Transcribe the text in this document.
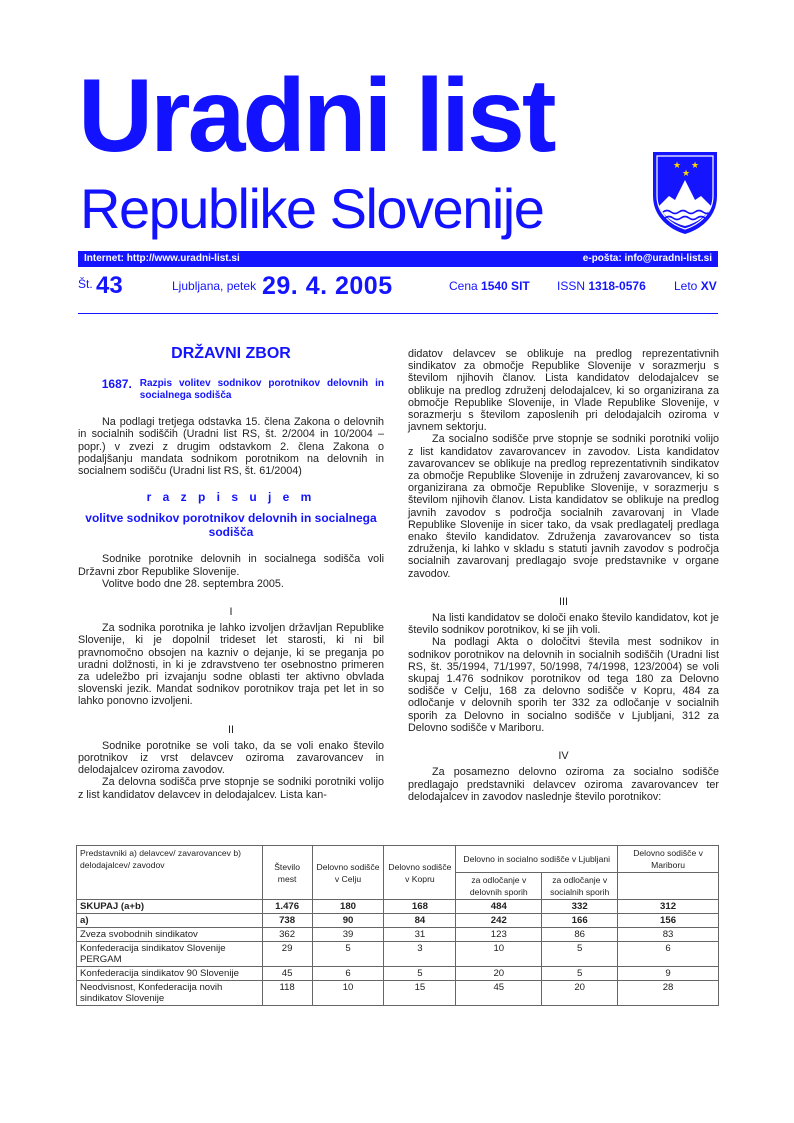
Uradni list
Republike Slovenije
★ ★
★
Internet: http://www.uradni-list.si	e-pošta: info@uradni-list.si
Št. 43	Ljubljana, petek 29. 4. 2005	Cena 1540 SIT ISSN 1318-0576 Leto XV
DRŽAVNI ZBOR
1687. Razpis volitev sodnikov porotnikov delovnih in socialnega sodišča

Na podlagi tretjega odstavka 15. člena Zakona o delovnih in socialnih sodiščih (Uradni list RS, št. 2/2004 in 10/2004 – popr.) v zvezi z drugim odstavkom 2. člena Zakona o podaljšanju mandata sodnikom porotnikom na delovnih in socialnem sodišču (Uradni list RS, št. 61/2004)

r a z p i s u j e m
volitve sodnikov porotnikov delovnih in socialnega sodišča

Sodnike porotnike delovnih in socialnega sodišča voli Državni zbor Republike Slovenije.

Volitve bodo dne 28. septembra 2005.

I

Za sodnika porotnika je lahko izvoljen državljan Republike Slovenije, ki je dopolnil trideset let starosti, ki ni bil pravnomočno obsojen na kazniv o dejanje, ki se preganja po uradni dolžnosti, in ki je zdravstveno ter osebnostno primeren za udeležbo pri izvajanju sodne oblasti ter aktivno obvlada slovenski jezik. Mandat sodnikov porotnikov traja pet let in so lahko ponovno izvoljeni.

II

Sodnike porotnike se voli tako, da se voli enako število porotnikov iz vrst delavcev oziroma zavarovancev in delodajalcev oziroma zavodov.

Za delovna sodišča prve stopnje se sodniki porotniki volijo z list kandidatov delavcev in delodajalcev. Lista kan-

didatov delavcev se oblikuje na predlog reprezentativnih sindikatov za območje Republike Slovenije v sorazmerju s številom njihovih članov. Lista kandidatov delodajalcev se oblikuje na predlog združenj delodajalcev, ki so organizirana za območje Republike Slovenije, in Vlade Republike Slovenije, v sorazmerju s številom zaposlenih pri delodajalcih oziroma v javnem sektorju.

Za socialno sodišče prve stopnje se sodniki porotniki volijo z list kandidatov zavarovancev in zavodov. Lista kandidatov zavarovancev se oblikuje na predlog reprezentativnih sindikatov za območje Republike Slovenije in združenj zavarovancev, ki so organizirana za območje Republike Slovenije, v sorazmerju s številom njihovih članov. Lista kandidatov se oblikuje na predlog javnih zavodov s področja socialnih zavarovanj in Vlade Republike Slovenije in sicer tako, da vsak predlagatelj predlaga enako število kandidatov. Združenja zavarovancev so tista združenja, ki lahko v skladu s statuti javnih zavodov s področja socialnih zavarovanj predlagajo svoje predstavnike v organe zavodov.

III

Na listi kandidatov se določi enako število kandidatov, kot je število sodnikov porotnikov, ki se jih voli.

Na podlagi Akta o določitvi števila mest sodnikov in sodnikov porotnikov na delovnih in socialnih sodiščih (Uradni list RS, št. 35/1994, 71/1997, 50/1998, 74/1998, 123/2004) se voli skupaj 1.476 sodnikov porotnikov od tega 180 za Delovno sodišče v Celju, 168 za delovno sodišče v Kopru, 484 za odločanje v delovnih sporih ter 332 za odločanje v socialnih sporih za Delovno in socialno sodišče v Ljubljani, 312 za Delovno sodišče v Mariboru.

IV

Za posamezno delovno oziroma za socialno sodišče predlagajo predstavniki delavcev oziroma zavarovancev ter delodajalcev in zavodov naslednje število porotnikov:

Predstavniki a) delavcev/ zavarovancev b) delodajalcev/ zavodov	Število mest	Delovno sodišče v Celju	Delovno sodišče v Kopru	Delovno in socialno sodišče v Ljubljani		Delovno sodišče v Mariboru
				za odločanje v delovnih sporih	za odločanje v socialnih sporih	
SKUPAJ (a+b)	1.476	180	168	484	332	312
a)	738	90	84	242	166	156
Zveza svobodnih sindikatov	362	39	31	123	86	83
Konfederacija sindikatov Slovenije PERGAM	29	5	3	10	5	6
Konfederacija sindikatov 90 Slovenije	45	6	5	20	5	9
Neodvisnost, Konfederacija novih sindikatov Slovenije	118	10	15	45	20	28
